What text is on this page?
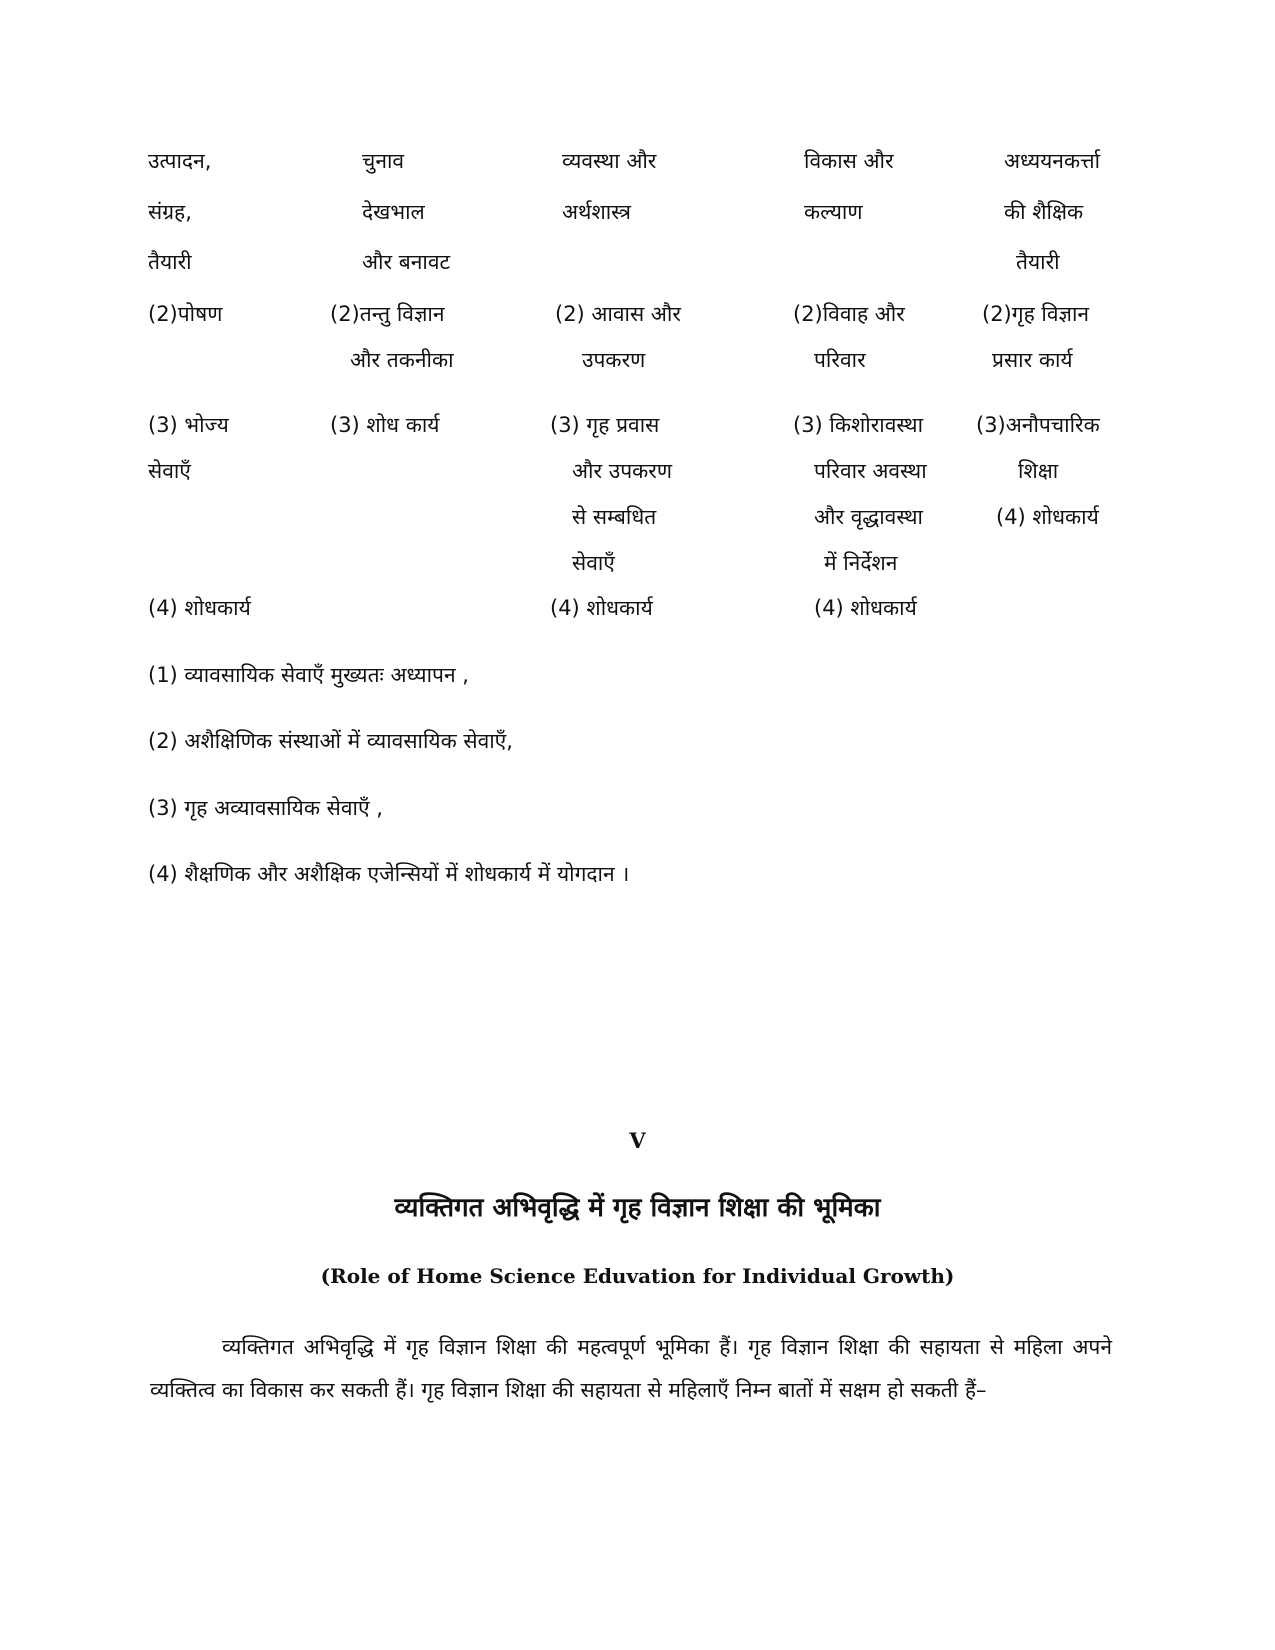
उत्पादन,
संग्रह,
तैयारी
(2)पोषण
(3) भोज्य
सेवाएँ
(4) शोधकार्य
चुनाव
देखभाल
और बनावट
(2)तन्तु विज्ञान
और तकनीका
(3) शोध कार्य
व्यवस्था और
अर्थशास्त्र
(2) आवास और
उपकरण
(3) गृह प्रवास
और उपकरण
से सम्बधित
सेवाएँ
(4) शोधकार्य
विकास और
कल्याण
(2)विवाह और
परिवार
(3) किशोरावस्था
परिवार अवस्था
और वृद्धावस्था
में निर्देशन
(4) शोधकार्य
अध्ययनकर्त्ता
की शैक्षिक
तैयारी
(2)गृह विज्ञान
प्रसार कार्य
(3)अनौपचारिक
शिक्षा
(4) शोधकार्य
(1) व्यावसायिक सेवाएँ मुख्यतः अध्यापन ,
(2) अशैक्षिणिक संस्थाओं में व्यावसायिक सेवाएँ,
(3) गृह अव्यावसायिक सेवाएँ ,
(4) शैक्षणिक और अशैक्षिक एजेन्सियों में शोधकार्य में योगदान ।
V
व्यक्तिगत अभिवृद्धि में गृह विज्ञान शिक्षा की भूमिका
(Role of Home Science Eduvation for Individual Growth)
व्यक्तिगत अभिवृद्धि में गृह विज्ञान शिक्षा की महत्वपूर्ण भूमिका हैं। गृह विज्ञान शिक्षा की सहायता से महिला अपने व्यक्तित्व का विकास कर सकती हैं। गृह विज्ञान शिक्षा की सहायता से महिलाएँ निम्न बातों में सक्षम हो सकती हैं–
